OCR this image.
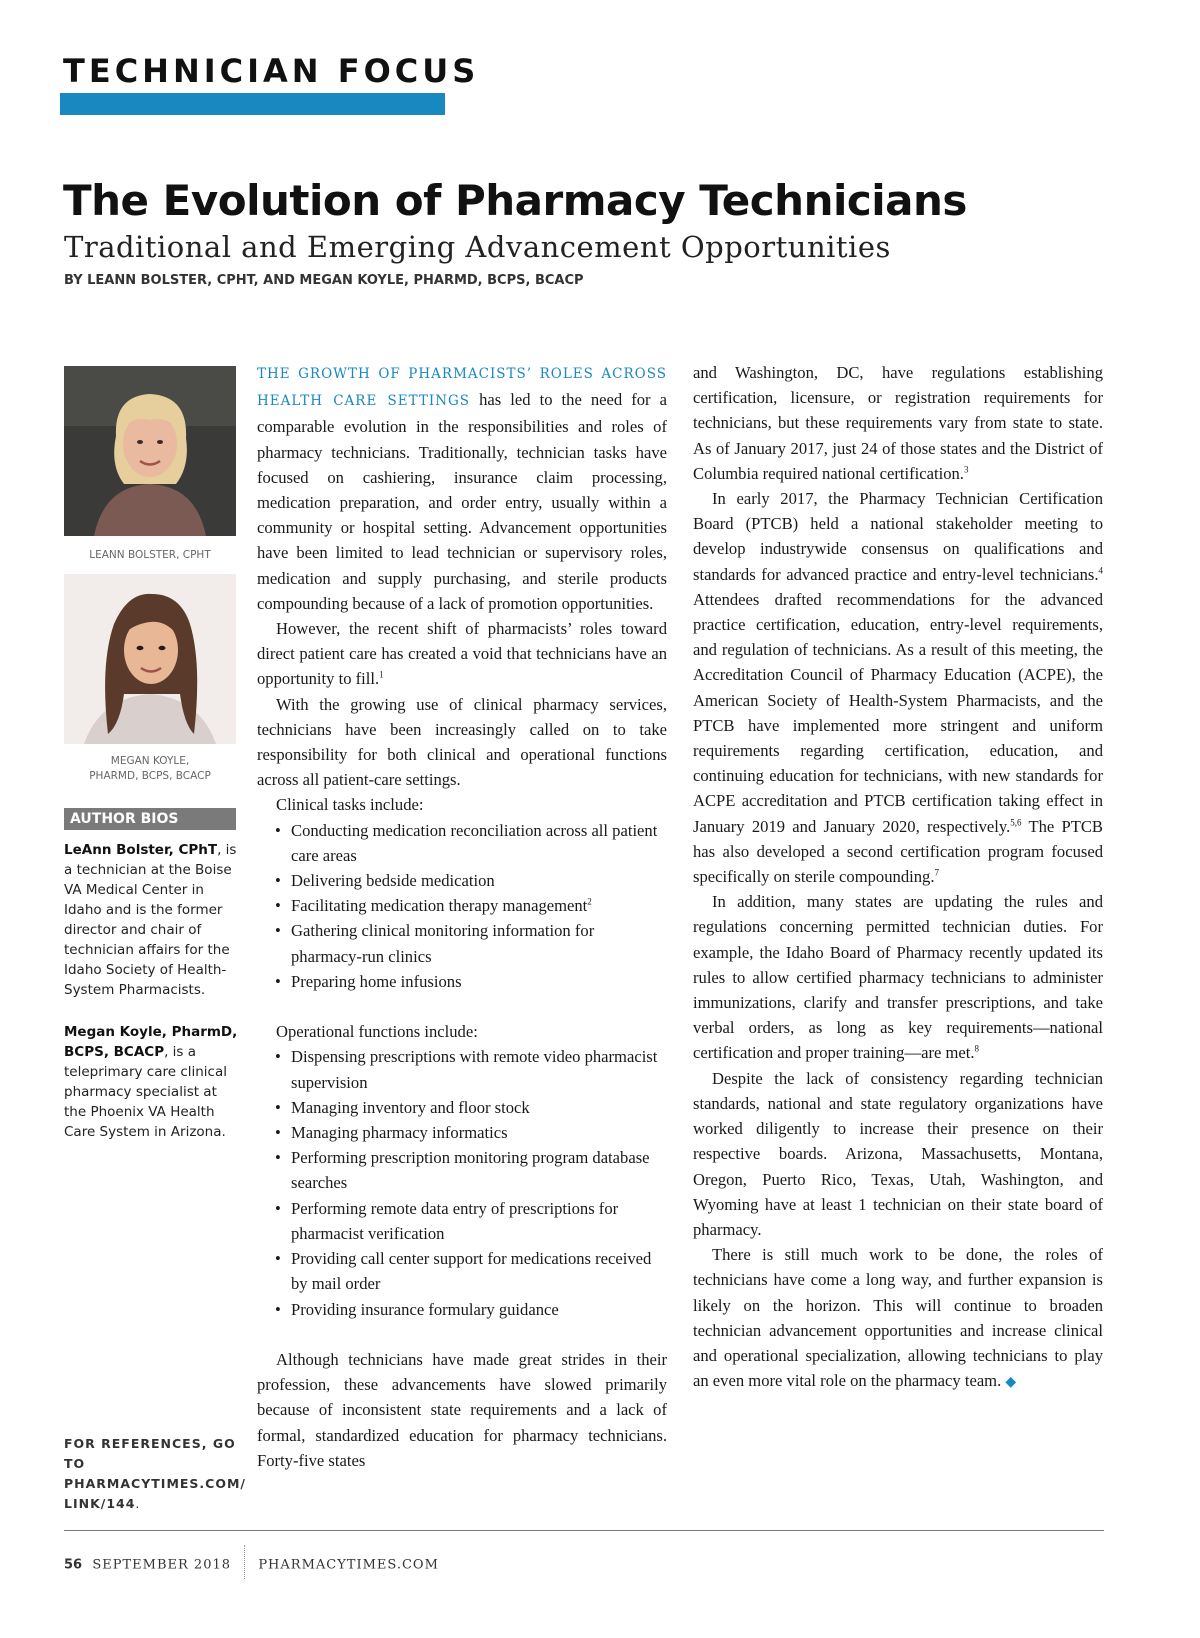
TECHNICIAN FOCUS
The Evolution of Pharmacy Technicians
Traditional and Emerging Advancement Opportunities
BY LEANN BOLSTER, CPHT, AND MEGAN KOYLE, PHARMD, BCPS, BCACP
LEANN BOLSTER, CPHT
MEGAN KOYLE,
PHARMD, BCPS, BCACP
AUTHOR BIOS
LeAnn Bolster, CPhT, is a technician at the Boise VA Medical Center in Idaho and is the former director and chair of technician affairs for the Idaho Society of Health-System Pharmacists.
Megan Koyle, PharmD, BCPS, BCACP, is a teleprimary care clinical pharmacy specialist at the Phoenix VA Health Care System in Arizona.
FOR REFERENCES, GO TO
PHARMACYTIMES.COM/
LINK/144.

THE GROWTH OF PHARMACISTS’ ROLES ACROSS HEALTH CARE SETTINGS has led to the need for a comparable evolution in the responsibilities and roles of pharmacy technicians. Traditionally, technician tasks have focused on cashiering, insurance claim processing, medication preparation, and order entry, usually within a community or hospital setting. Advancement opportunities have been limited to lead technician or supervisory roles, medication and supply purchasing, and sterile products compounding because of a lack of promotion opportunities.

However, the recent shift of pharmacists’ roles toward direct patient care has created a void that technicians have an opportunity to fill.$^1$

With the growing use of clinical pharmacy services, technicians have been increasingly called on to take responsibility for both clinical and operational functions across all patient-care settings.

Clinical tasks include:

• Conducting medication reconciliation across all patient care areas
• Delivering bedside medication
• Facilitating medication therapy management$^2$
• Gathering clinical monitoring information for pharmacy-run clinics
• Preparing home infusions

Operational functions include:

• Dispensing prescriptions with remote video pharmacist supervision
• Managing inventory and floor stock
• Managing pharmacy informatics
• Performing prescription monitoring program database searches
• Performing remote data entry of prescriptions for pharmacist verification
• Providing call center support for medications received by mail order
• Providing insurance formulary guidance

Although technicians have made great strides in their profession, these advancements have slowed primarily because of inconsistent state requirements and a lack of formal, standardized education for pharmacy technicians. Forty-five states

and Washington, DC, have regulations establishing certification, licensure, or registration requirements for technicians, but these requirements vary from state to state. As of January 2017, just 24 of those states and the District of Columbia required national certification.$^3$

In early 2017, the Pharmacy Technician Certification Board (PTCB) held a national stakeholder meeting to develop industrywide consensus on qualifications and standards for advanced practice and entry-level technicians.$^4$ Attendees drafted recommendations for the advanced practice certification, education, entry-level requirements, and regulation of technicians. As a result of this meeting, the Accreditation Council of Pharmacy Education (ACPE), the American Society of Health-System Pharmacists, and the PTCB have implemented more stringent and uniform requirements regarding certification, education, and continuing education for technicians, with new standards for ACPE accreditation and PTCB certification taking effect in January 2019 and January 2020, respectively.$^{5,6}$ The PTCB has also developed a second certification program focused specifically on sterile compounding.$^7$

In addition, many states are updating the rules and regulations concerning permitted technician duties. For example, the Idaho Board of Pharmacy recently updated its rules to allow certified pharmacy technicians to administer immunizations, clarify and transfer prescriptions, and take verbal orders, as long as key requirements—national certification and proper training—are met.$^8$

Despite the lack of consistency regarding technician standards, national and state regulatory organizations have worked diligently to increase their presence on their respective boards. Arizona, Massachusetts, Montana, Oregon, Puerto Rico, Texas, Utah, Washington, and Wyoming have at least 1 technician on their state board of pharmacy.

There is still much work to be done, the roles of technicians have come a long way, and further expansion is likely on the horizon. This will continue to broaden technician advancement opportunities and increase clinical and operational specialization, allowing technicians to play an even more vital role on the pharmacy team. ◆

56 SEPTEMBER 2018 PHARMACYTIMES.COM
